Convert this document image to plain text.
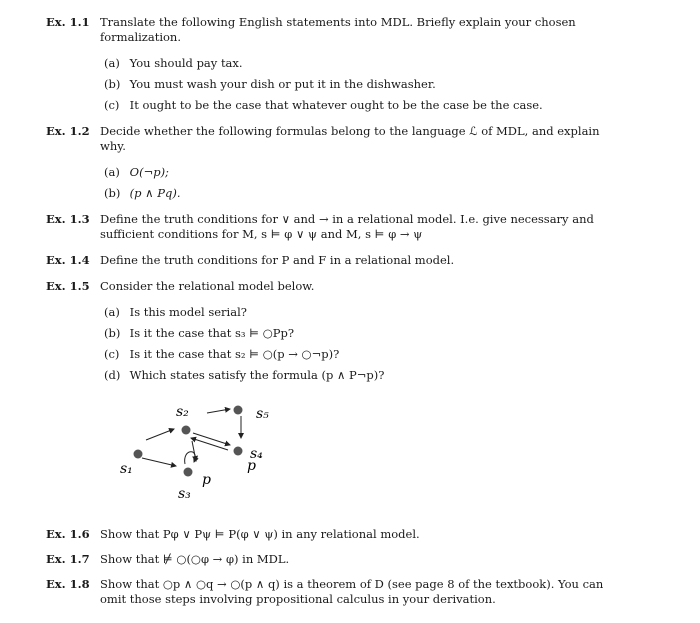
Ex. 1.1 Translate the following English statements into MDL. Briefly explain your chosen formalization.
(a) You should pay tax.
(b) You must wash your dish or put it in the dishwasher.
(c) It ought to be the case that whatever ought to be the case be the case.
Ex. 1.2 Decide whether the following formulas belong to the language ℒ of MDL, and explain why.
(a) O(¬p);
(b) (p ∧ Pq).
Ex. 1.3 Define the truth conditions for ∨ and → in a relational model. I.e. give necessary and sufficient conditions for M, s ⊨ φ ∨ ψ and M, s ⊨ φ → ψ
Ex. 1.4 Define the truth conditions for P and F in a relational model.
Ex. 1.5 Consider the relational model below.
(a) Is this model serial?
(b) Is it the case that s₃ ⊨ ○Pp?
(c) Is it the case that s₂ ⊨ ○(p → ○¬p)?
(d) Which states satisfy the formula (p ∧ P¬p)?
s₁
s₂
s₃
s₄
s₅
p
p
Ex. 1.6 Show that Pφ ∨ Pψ ⊨ P(φ ∨ ψ) in any relational model.
Ex. 1.7 Show that ⊭ ○(○φ → φ) in MDL.
Ex. 1.8 Show that ○p ∧ ○q → ○(p ∧ q) is a theorem of D (see page 8 of the textbook). You can omit those steps involving propositional calculus in your derivation.
